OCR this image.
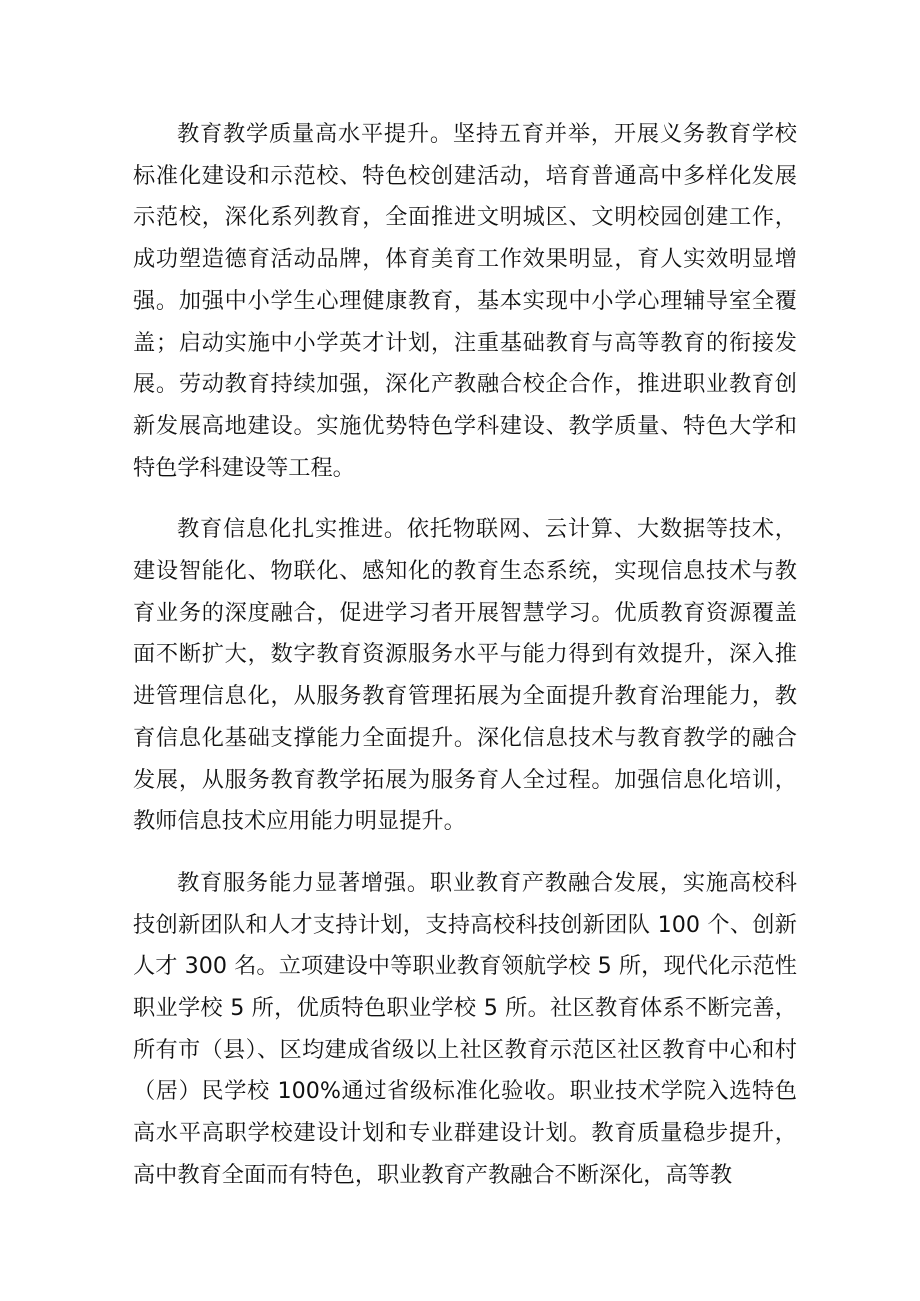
教育教学质量高水平提升。坚持五育并举，开展义务教育学校标准化建设和示范校、特色校创建活动，培育普通高中多样化发展示范校，深化系列教育，全面推进文明城区、文明校园创建工作，成功塑造德育活动品牌，体育美育工作效果明显，育人实效明显增强。加强中小学生心理健康教育，基本实现中小学心理辅导室全覆盖；启动实施中小学英才计划，注重基础教育与高等教育的衔接发展。劳动教育持续加强，深化产教融合校企合作，推进职业教育创新发展高地建设。实施优势特色学科建设、教学质量、特色大学和特色学科建设等工程。

教育信息化扎实推进。依托物联网、云计算、大数据等技术，建设智能化、物联化、感知化的教育生态系统，实现信息技术与教育业务的深度融合，促进学习者开展智慧学习。优质教育资源覆盖面不断扩大，数字教育资源服务水平与能力得到有效提升，深入推进管理信息化，从服务教育管理拓展为全面提升教育治理能力，教育信息化基础支撑能力全面提升。深化信息技术与教育教学的融合发展，从服务教育教学拓展为服务育人全过程。加强信息化培训，教师信息技术应用能力明显提升。

教育服务能力显著增强。职业教育产教融合发展，实施高校科技创新团队和人才支持计划，支持高校科技创新团队 100 个、创新人才 300 名。立项建设中等职业教育领航学校 5 所，现代化示范性职业学校 5 所，优质特色职业学校 5 所。社区教育体系不断完善，所有市（县）、区均建成省级以上社区教育示范区社区教育中心和村（居）民学校 100%通过省级标准化验收。职业技术学院入选特色高水平高职学校建设计划和专业群建设计划。教育质量稳步提升，高中教育全面而有特色，职业教育产教融合不断深化，高等教
